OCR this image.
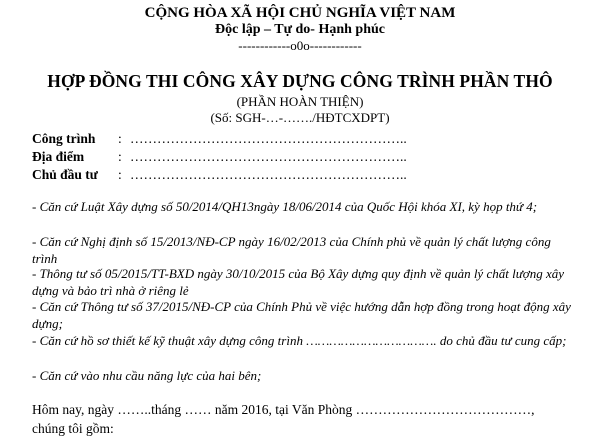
CỘNG HÒA XÃ HỘI CHỦ NGHĨA VIỆT NAM
Độc lập – Tự do- Hạnh phúc
------------o0o------------
HỢP ĐỒNG THI CÔNG XÂY DỰNG CÔNG TRÌNH PHẦN THÔ
(PHẦN HOÀN THIỆN)
(Số: SGH-…-……./HĐTCXDPT)
Công trình : ……………………………………………………..
Địa điểm	: ……………………………………………………..
Chủ đầu tư : ……………………………………………………..
- Căn cứ Luật Xây dựng số 50/2014/QH13ngày 18/06/2014 của Quốc Hội khóa XI, kỳ họp thứ 4;
- Căn cứ Nghị định số 15/2013/NĐ-CP ngày 16/02/2013 của Chính phủ về quản lý chất lượng công trình
- Thông tư số 05/2015/TT-BXD ngày 30/10/2015 của Bộ Xây dựng quy định về quản lý chất lượng xây dựng và bảo trì nhà ở riêng lẻ
- Căn cứ Thông tư số 37/2015/NĐ-CP của Chính Phủ về việc hướng dẫn hợp đồng trong hoạt động xây dựng;
- Căn cứ hồ sơ thiết kế kỹ thuật xây dựng công trình ……………………………. do chủ đầu tư cung cấp;
- Căn cứ vào nhu cầu năng lực của hai bên;
Hôm nay, ngày ……..tháng …… năm 2016, tại Văn Phòng …………………………………,
chúng tôi gồm:
